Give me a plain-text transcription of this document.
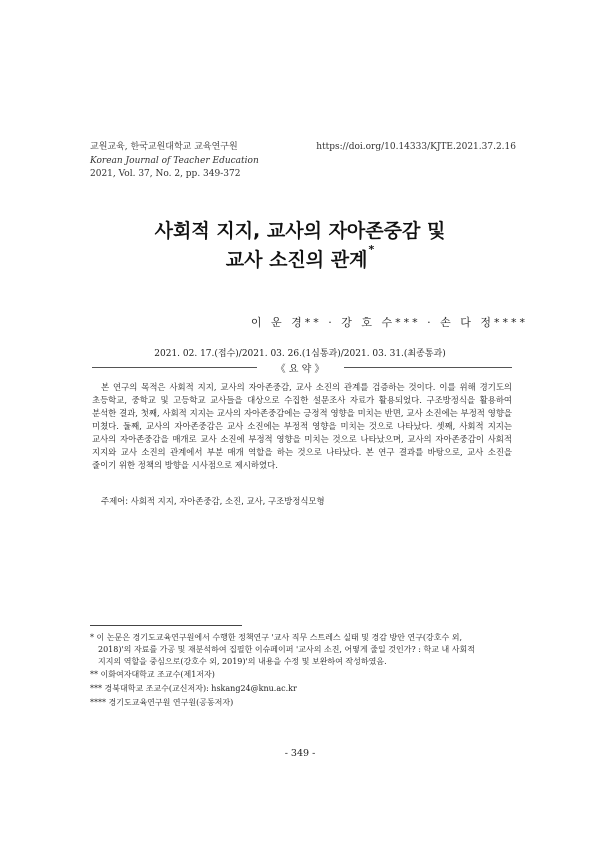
교원교육, 한국교원대학교 교육연구원
Korean Journal of Teacher Education
2021, Vol. 37, No. 2, pp. 349-372
https://doi.org/10.14333/KJTE.2021.37.2.16
사회적 지지, 교사의 자아존중감 및
교사 소진의 관계*
이 운 경** · 강 호 수*** · 손 다 정****
2021. 02. 17.(접수)/2021. 03. 26.(1심통과)/2021. 03. 31.(최종통과)
《 요 약 》
본 연구의 목적은 사회적 지지, 교사의 자아존중감, 교사 소진의 관계를 검증하는 것이다. 이를 위해 경기도의 초등학교, 중학교 및 고등학교 교사들을 대상으로 수집한 설문조사 자료가 활용되었다. 구조방정식을 활용하여 분석한 결과, 첫째, 사회적 지지는 교사의 자아존중감에는 긍정적 영향을 미치는 반면, 교사 소진에는 부정적 영향을 미쳤다. 둘째, 교사의 자아존중감은 교사 소진에는 부정적 영향을 미치는 것으로 나타났다. 셋째, 사회적 지지는 교사의 자아존중감을 매개로 교사 소진에 부정적 영향을 미치는 것으로 나타났으며, 교사의 자아존중감이 사회적 지지와 교사 소진의 관계에서 부분 매개 역할을 하는 것으로 나타났다. 본 연구 결과를 바탕으로, 교사 소진을 줄이기 위한 정책의 방향을 시사점으로 제시하였다.
주제어: 사회적 지지, 자아존중감, 소진, 교사, 구조방정식모형
* 이 논문은 경기도교육연구원에서 수행한 정책연구 '교사 직무 스트레스 실태 및 경감 방안 연구(강호수 외,
2018)'의 자료를 가공 및 재분석하여 집필한 이슈페이퍼 '교사의 소진, 어떻게 줄일 것인가? : 학교 내 사회적
지지의 역할을 중심으로(강호수 외, 2019)'의 내용을 수정 및 보완하여 작성하였음.
** 이화여자대학교 조교수(제1저자)
*** 경북대학교 조교수(교신저자): hskang24@knu.ac.kr
**** 경기도교육연구원 연구원(공동저자)
- 349 -
